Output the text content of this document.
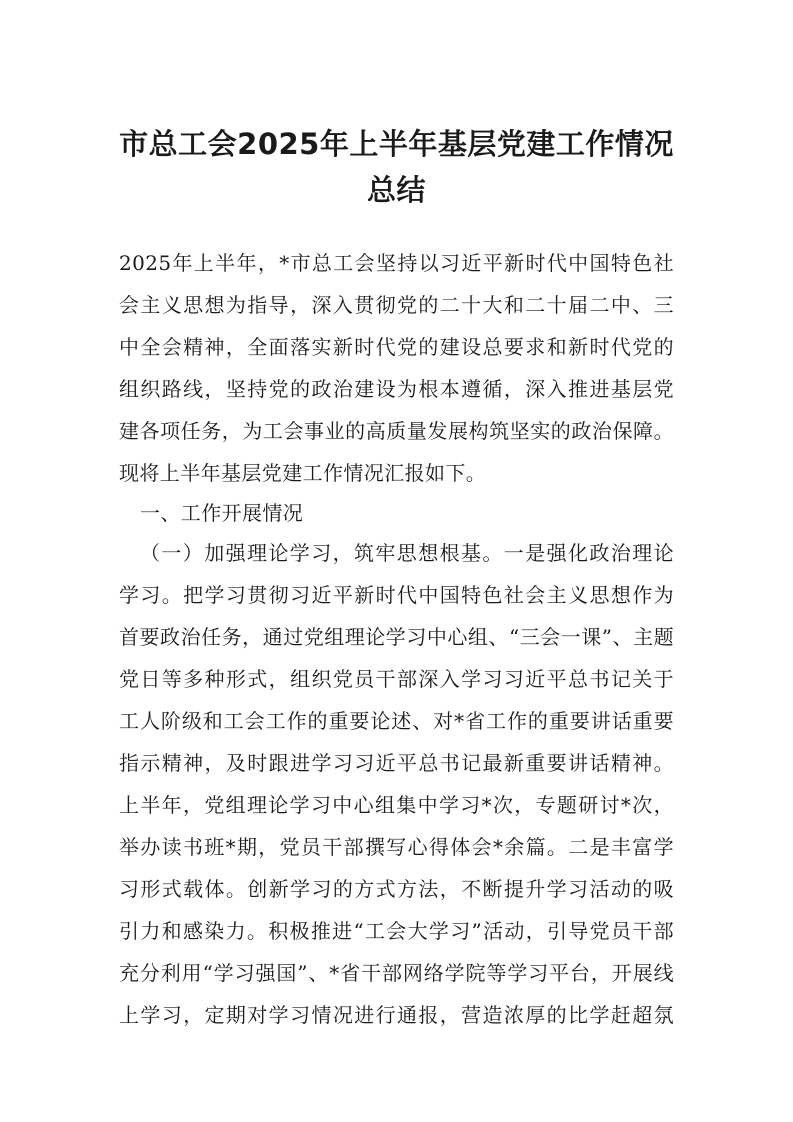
市总工会2025年上半年基层党建工作情况
总结
2025年上半年，*市总工会坚持以习近平新时代中国特色社
会主义思想为指导，深入贯彻党的二十大和二十届二中、三
中全会精神，全面落实新时代党的建设总要求和新时代党的
组织路线，坚持党的政治建设为根本遵循，深入推进基层党
建各项任务，为工会事业的高质量发展构筑坚实的政治保障。
现将上半年基层党建工作情况汇报如下。
一、工作开展情况
（一）加强理论学习，筑牢思想根基。一是强化政治理论
学习。把学习贯彻习近平新时代中国特色社会主义思想作为
首要政治任务，通过党组理论学习中心组、“三会一课”、主题
党日等多种形式，组织党员干部深入学习习近平总书记关于
工人阶级和工会工作的重要论述、对*省工作的重要讲话重要
指示精神，及时跟进学习习近平总书记最新重要讲话精神。
上半年，党组理论学习中心组集中学习*次，专题研讨*次，
举办读书班*期，党员干部撰写心得体会*余篇。二是丰富学
习形式载体。创新学习的方式方法，不断提升学习活动的吸
引力和感染力。积极推进“工会大学习”活动，引导党员干部
充分利用“学习强国”、*省干部网络学院等学习平台，开展线
上学习，定期对学习情况进行通报，营造浓厚的比学赶超氛
